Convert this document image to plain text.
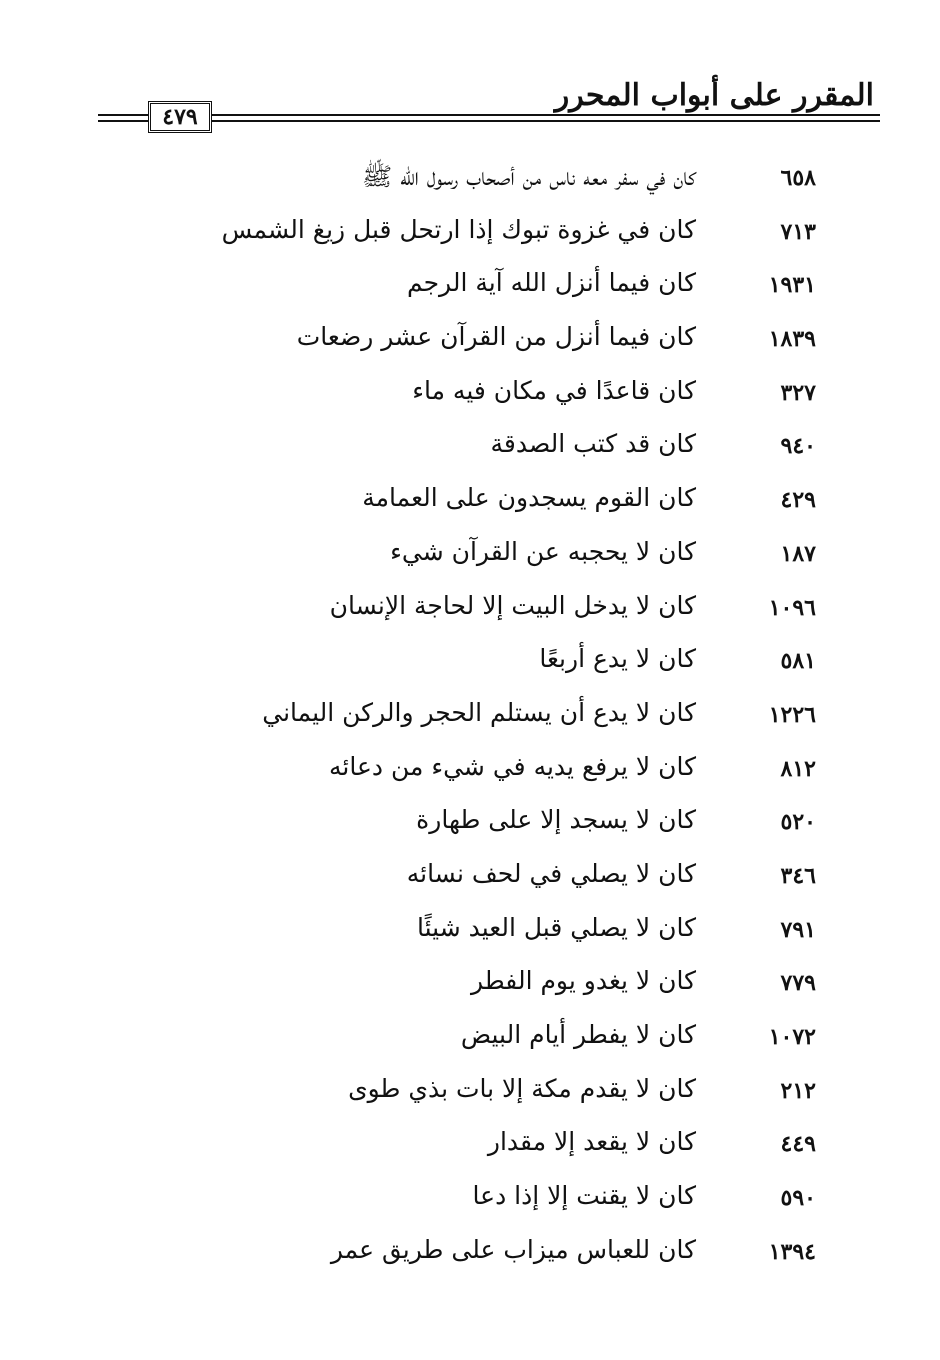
المقرر على أبواب المحرر
٤٧٩
٦٥٨
كان في سفر معه ناس من أصحاب رسول الله ﷺ
٧١٣
كان في غزوة تبوك إذا ارتحل قبل زيغ الشمس
١٩٣١
كان فيما أنزل الله آية الرجم
١٨٣٩
كان فيما أنزل من القرآن عشر رضعات
٣٢٧
كان قاعدًا في مكان فيه ماء
٩٤٠
كان قد كتب الصدقة
٤٢٩
كان القوم يسجدون على العمامة
١٨٧
كان لا يحجبه عن القرآن شيء
١٠٩٦
كان لا يدخل البيت إلا لحاجة الإنسان
٥٨١
كان لا يدع أربعًا
١٢٢٦
كان لا يدع أن يستلم الحجر والركن اليماني
٨١٢
كان لا يرفع يديه في شيء من دعائه
٥٢٠
كان لا يسجد إلا على طهارة
٣٤٦
كان لا يصلي في لحف نسائه
٧٩١
كان لا يصلي قبل العيد شيئًا
٧٧٩
كان لا يغدو يوم الفطر
١٠٧٢
كان لا يفطر أيام البيض
٢١٢
كان لا يقدم مكة إلا بات بذي طوى
٤٤٩
كان لا يقعد إلا مقدار
٥٩٠
كان لا يقنت إلا إذا دعا
١٣٩٤
كان للعباس ميزاب على طريق عمر
